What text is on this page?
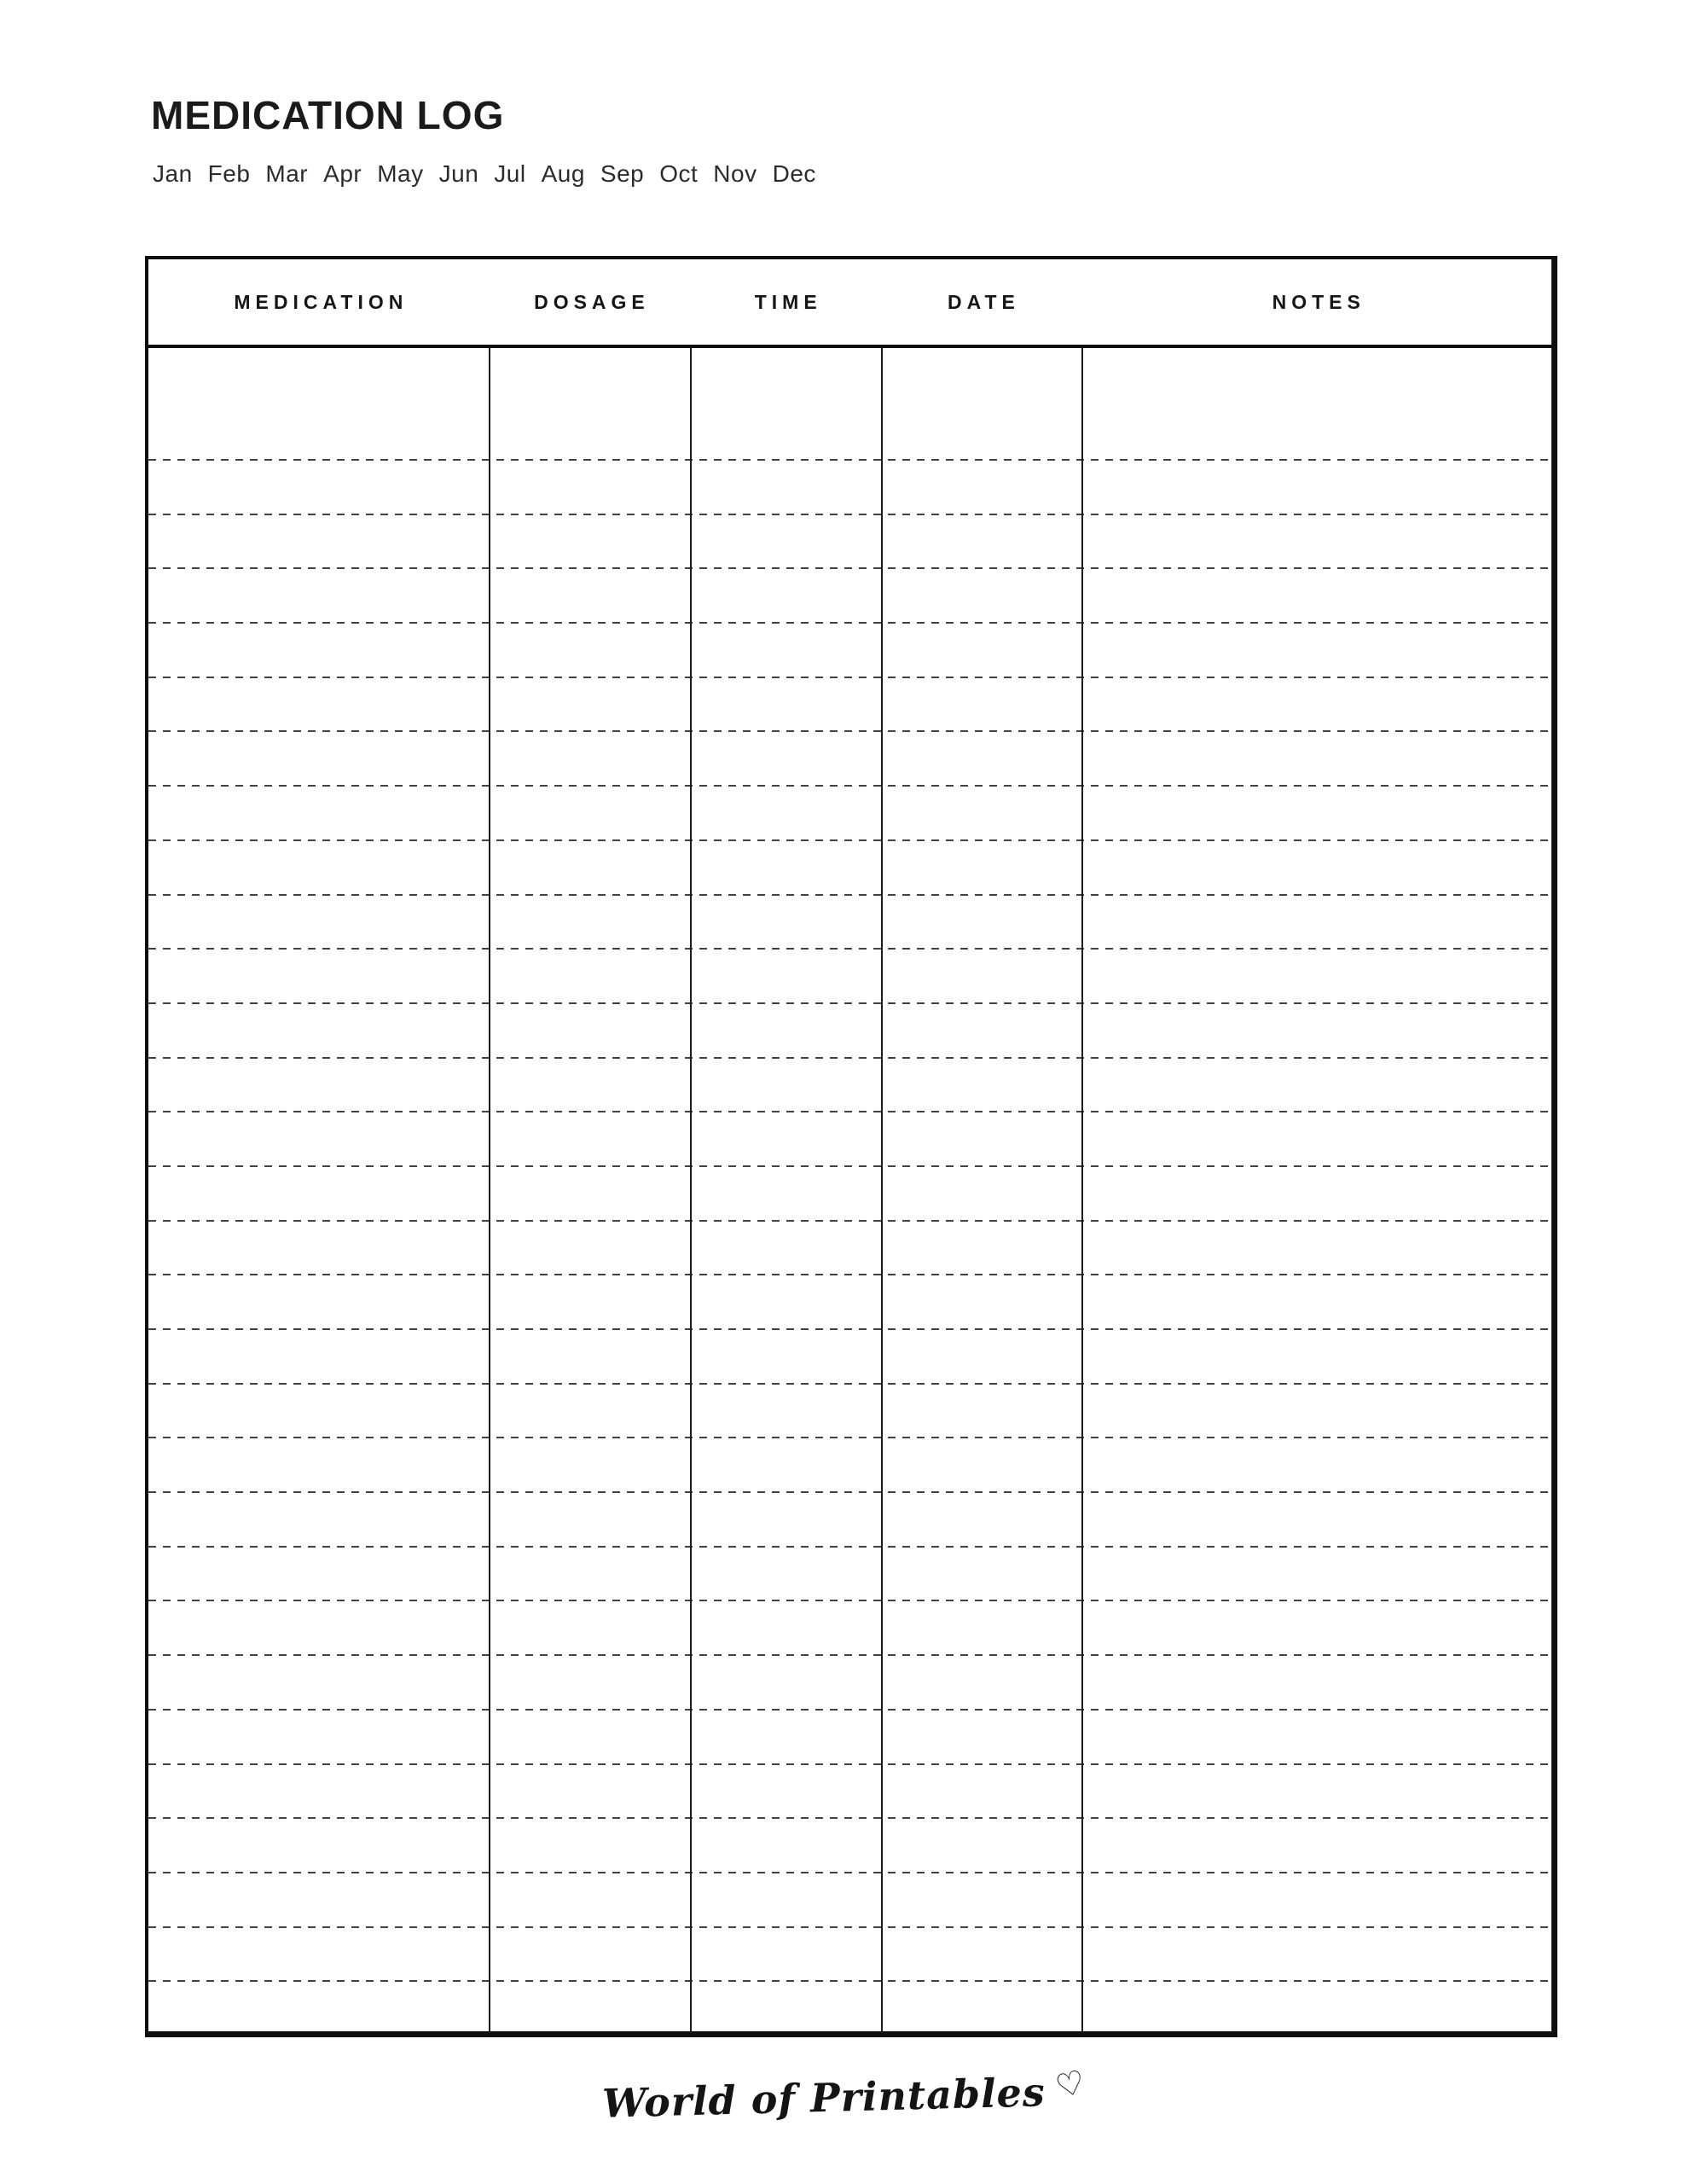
MEDICATION LOG
Jan Feb Mar Apr May Jun Jul Aug Sep Oct Nov Dec
MEDICATION	DOSAGE	TIME	DATE	NOTES
World of Printables ♡
